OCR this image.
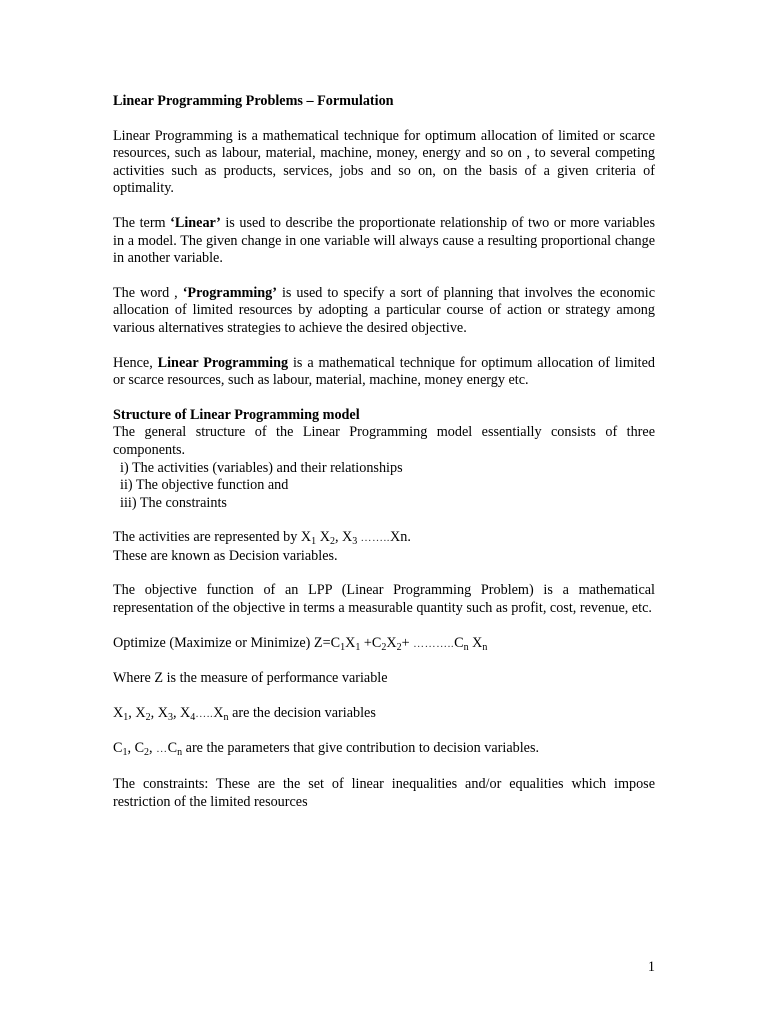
Linear Programming Problems – Formulation

Linear Programming is a mathematical technique for optimum allocation of limited or scarce resources, such as labour, material, machine, money, energy and so on , to several competing activities such as products, services, jobs and so on, on the basis of a given criteria of optimality.

The term ‘Linear’ is used to describe the proportionate relationship of two or more variables in a model. The given change in one variable will always cause a resulting proportional change in another variable.

The word , ‘Programming’ is used to specify a sort of planning that involves the economic allocation of limited resources by adopting a particular course of action or strategy among various alternatives strategies to achieve the desired objective.

Hence, Linear Programming is a mathematical technique for optimum allocation of limited or scarce resources, such as labour, material, machine, money energy etc.

Structure of Linear Programming model

The general structure of the Linear Programming model essentially consists of three components.

i) The activities (variables) and their relationships

ii) The objective function and

iii) The constraints

The activities are represented by $X_1$ $X_2$, $X_3$ ……..Xn.

These are known as Decision variables.

The objective function of an LPP (Linear Programming Problem) is a mathematical representation of the objective in terms a measurable quantity such as profit, cost, revenue, etc.

Optimize (Maximize or Minimize) $Z=C_1X_1 +C_2X_2+$ $\dots\dots\dots..C_n$ $X_n$

Where Z is the measure of performance variable

$X_1$, $X_2$, $X_3$, $X_4\dots..X_n$ are the decision variables

$C_1$, $C_2$, $\dots C_n$ are the parameters that give contribution to decision variables.

The constraints: These are the set of linear inequalities and/or equalities which impose restriction of the limited resources

1
